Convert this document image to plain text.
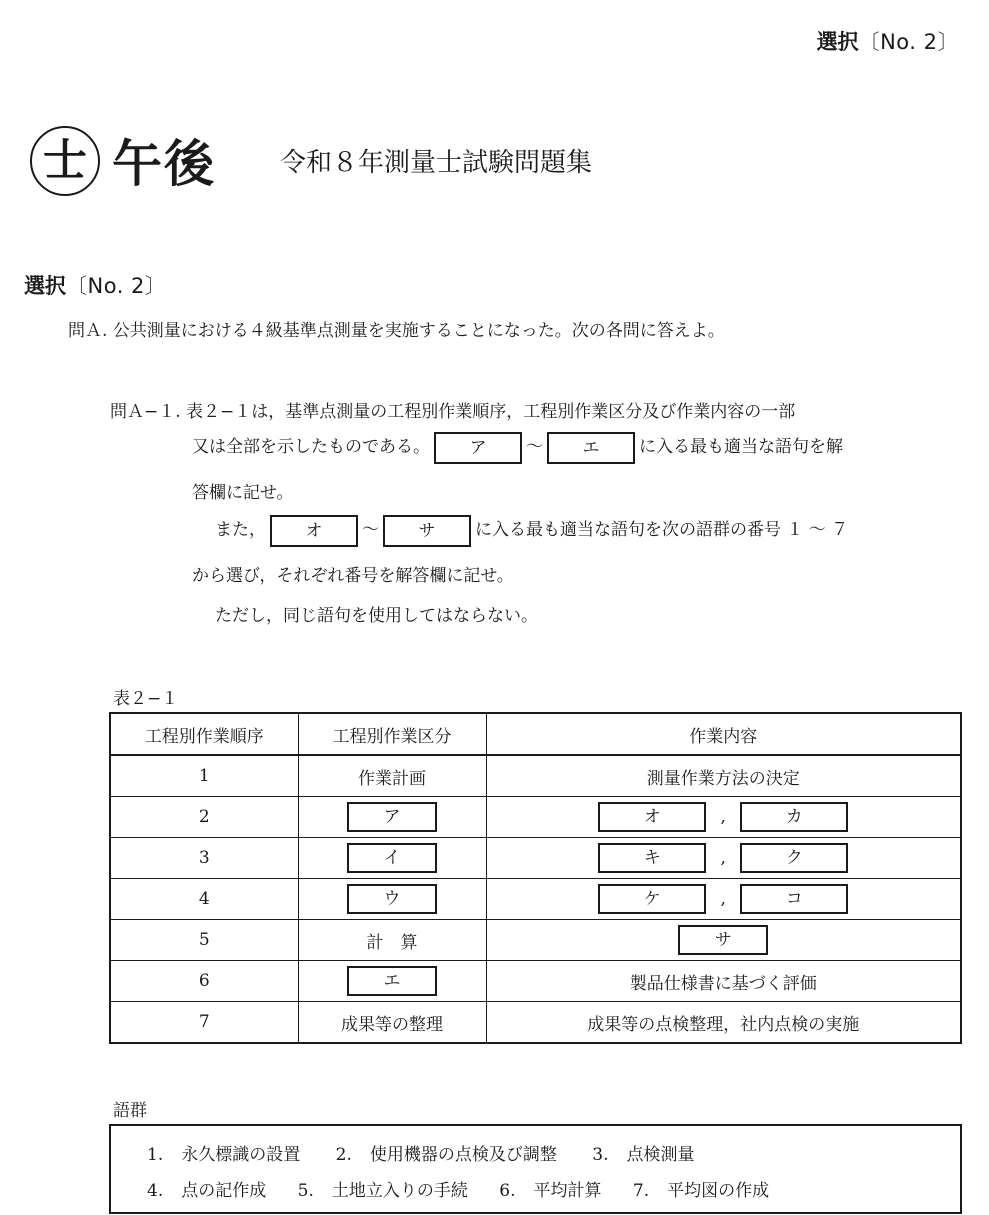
選択〔No. 2〕
士 午後 令和８年測量士試験問題集
選択〔No. 2〕
問Ａ. 公共測量における４級基準点測量を実施することになった。次の各問に答えよ。
問Ａ−１. 表２−１は，基準点測量の工程別作業順序，工程別作業区分及び作業内容の一部
又は全部を示したものである。 ア 〜 エ に入る最も適当な語句を解
答欄に記せ。
また， オ 〜 サ に入る最も適当な語句を次の語群の番号 １ 〜 ７
から選び，それぞれ番号を解答欄に記せ。
ただし，同じ語句を使用してはならない。
表２−１
工程別作業順序	工程別作業区分	作業内容
1	作業計画	測量作業方法の決定
2	ア	オ , カ
3	イ	キ , ク
4	ウ	ケ , コ
5	計　算	サ
6	エ	製品仕様書に基づく評価
7	成果等の整理	成果等の点検整理，社内点検の実施
語群
1. 永久標識の設置 2. 使用機器の点検及び調整 3. 点検測量
4. 点の記作成 5. 土地立入りの手続 6. 平均計算 7. 平均図の作成
